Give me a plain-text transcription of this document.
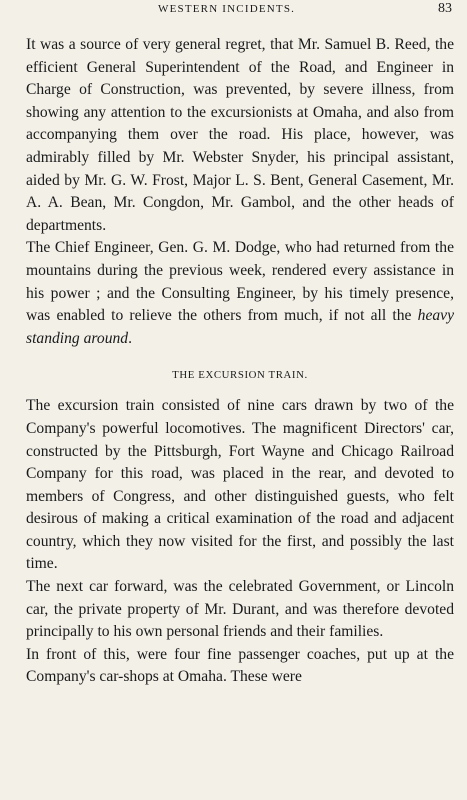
WESTERN INCIDENTS.	83

It was a source of very general regret, that Mr. Samuel B. Reed, the efficient General Superintendent of the Road, and Engineer in Charge of Construction, was prevented, by severe illness, from showing any attention to the excursionists at Omaha, and also from accompanying them over the road. His place, however, was admirably filled by Mr. Webster Snyder, his principal assistant, aided by Mr. G. W. Frost, Major L. S. Bent, General Casement, Mr. A. A. Bean, Mr. Congdon, Mr. Gambol, and the other heads of departments.

The Chief Engineer, Gen. G. M. Dodge, who had returned from the mountains during the previous week, rendered every assistance in his power ; and the Consulting Engineer, by his timely presence, was enabled to relieve the others from much, if not all the heavy standing around.

THE EXCURSION TRAIN.

The excursion train consisted of nine cars drawn by two of the Company's powerful locomotives. The magnificent Directors' car, constructed by the Pittsburgh, Fort Wayne and Chicago Railroad Company for this road, was placed in the rear, and devoted to members of Congress, and other distinguished guests, who felt desirous of making a critical examination of the road and adjacent country, which they now visited for the first, and possibly the last time.

The next car forward, was the celebrated Government, or Lincoln car, the private property of Mr. Durant, and was therefore devoted principally to his own personal friends and their families.

In front of this, were four fine passenger coaches, put up at the Company's car-shops at Omaha. These were
